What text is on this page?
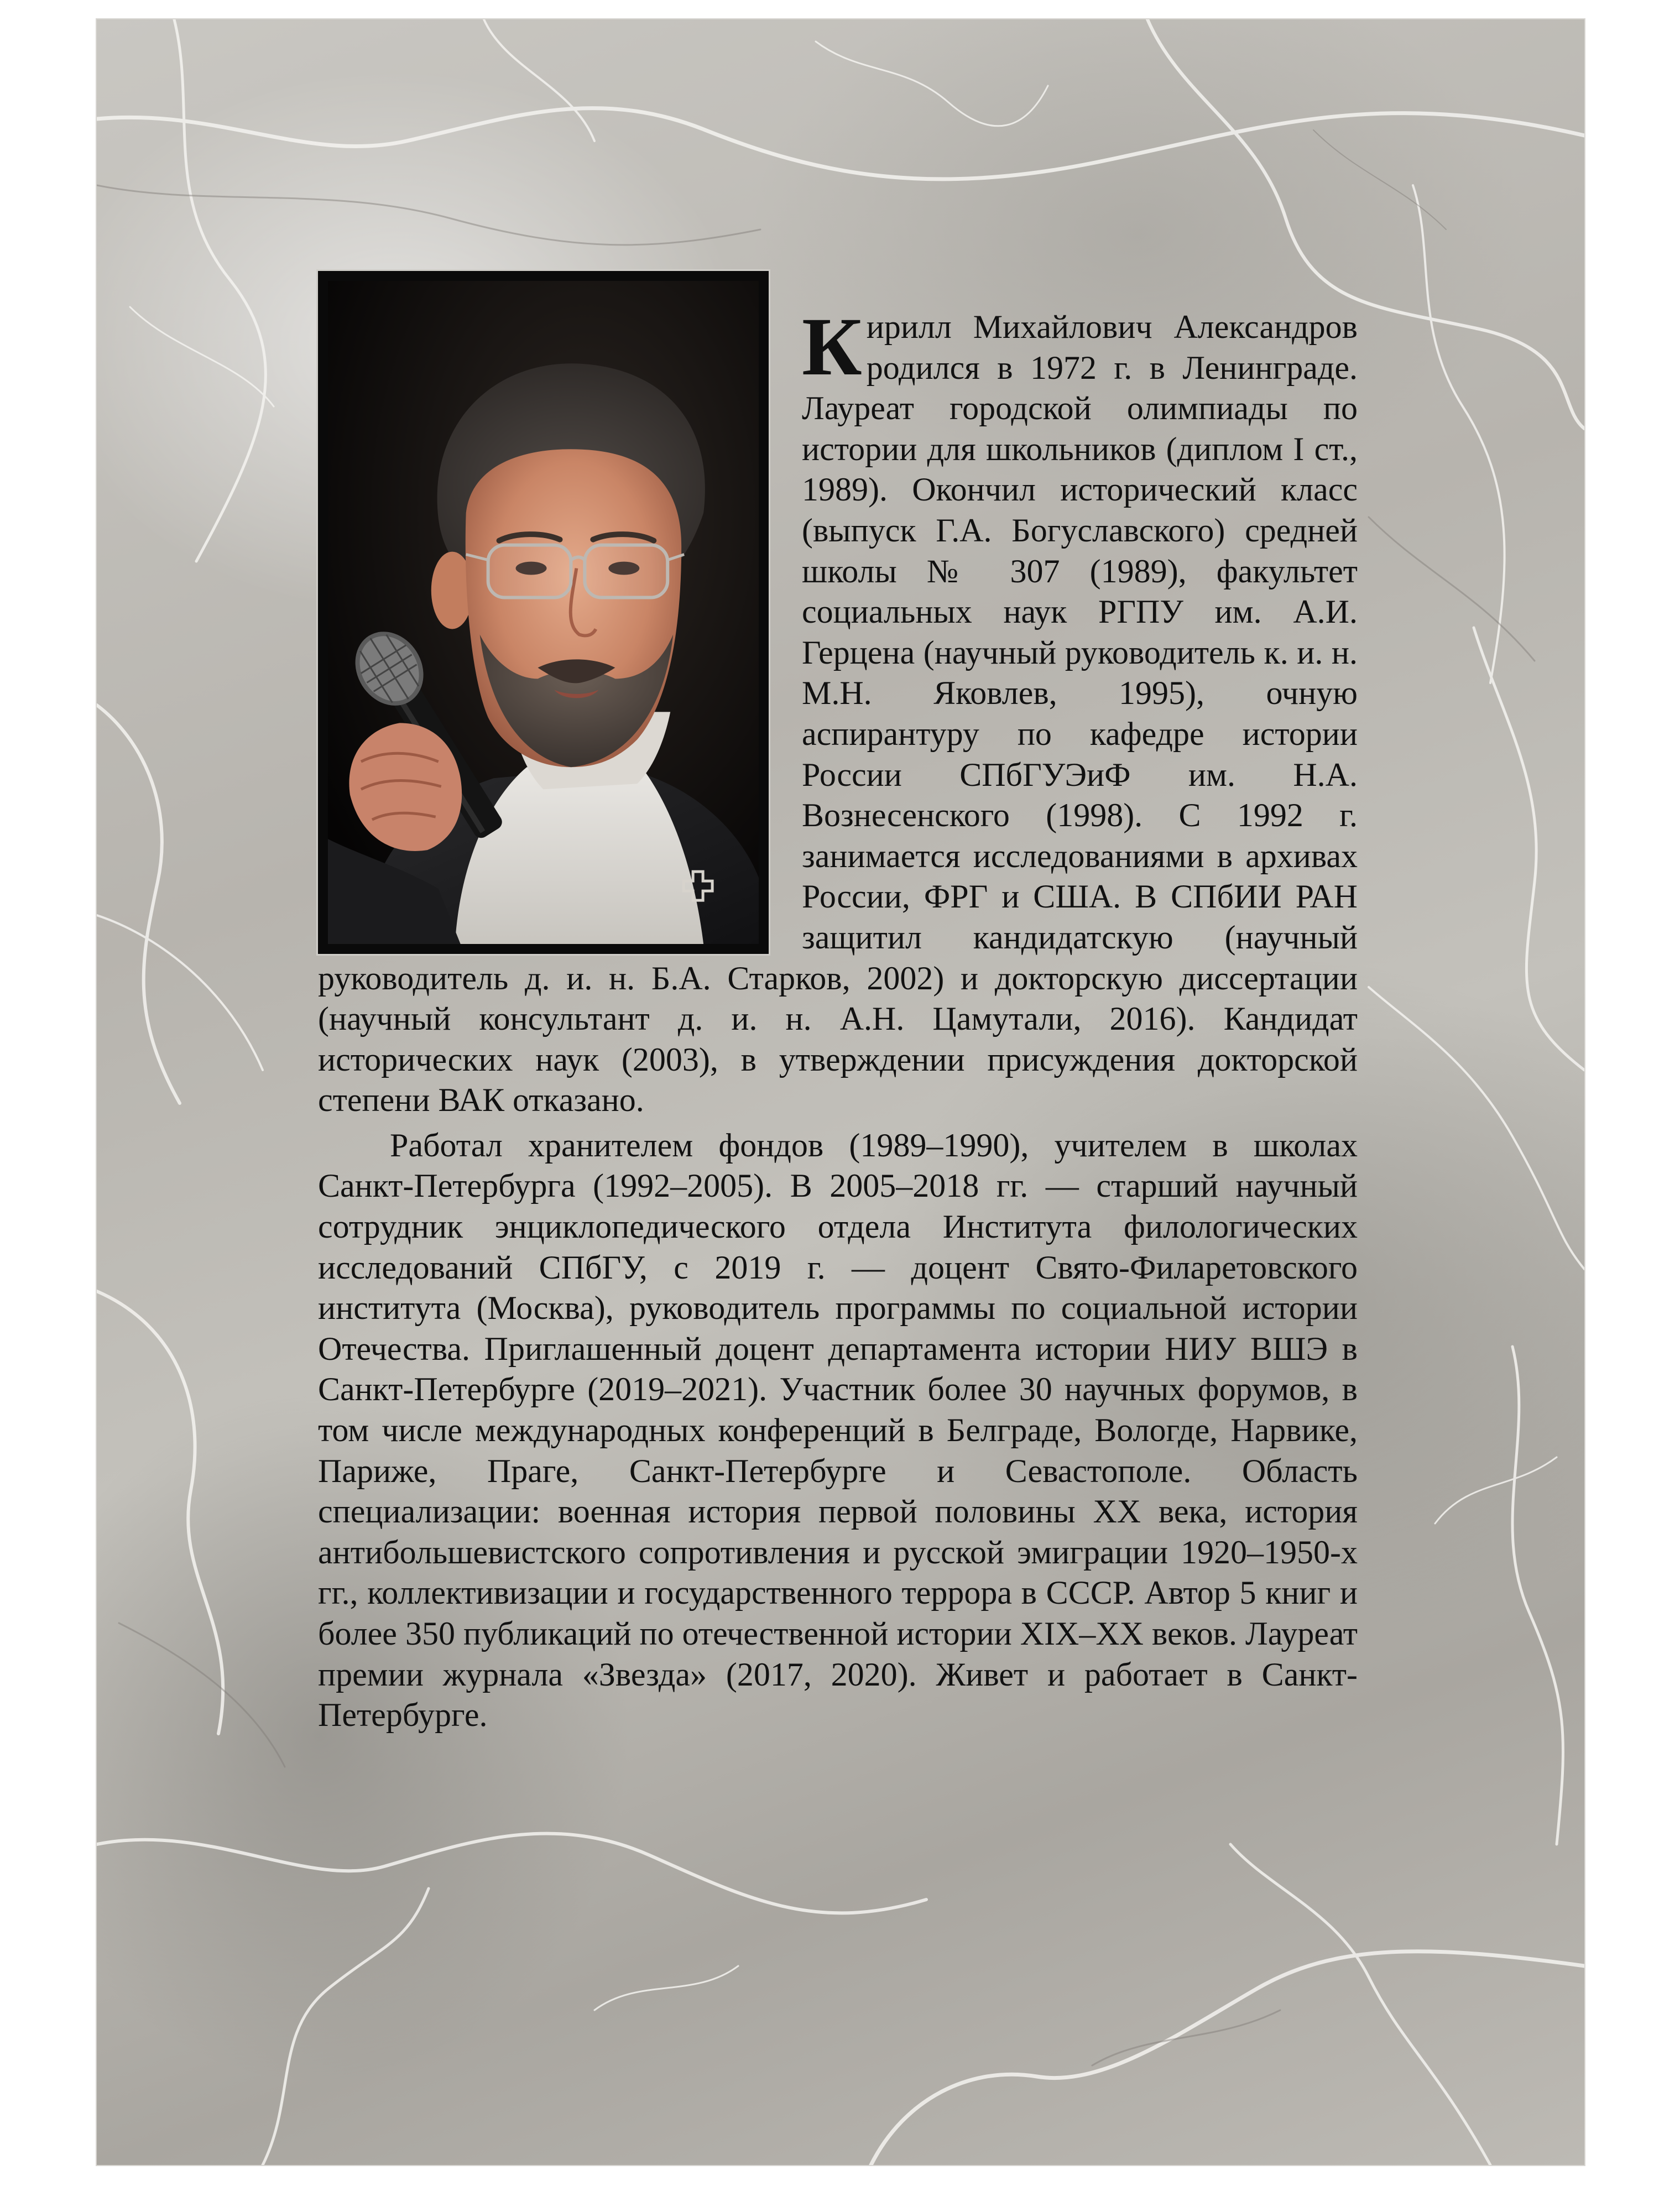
Кирилл Михайлович Александров родился в 1972 г. в Ленинграде. Лауреат городской олимпиады по истории для школьников (диплом I ст., 1989). Окончил исторический класс (выпуск Г.А. Богуславского) средней школы № 307 (1989), факультет социальных наук РГПУ им. А.И. Герцена (научный руководитель к. и. н. М.Н. Яковлев, 1995), очную аспирантуру по кафедре истории России СПбГУЭиФ им. Н.А. Вознесенского (1998). С 1992 г. занимается исследованиями в архивах России, ФРГ и США. В СПбИИ РАН защитил кандидатскую (научный руководитель д. и. н. Б.А. Старков, 2002) и докторскую диссертации (научный консультант д. и. н. А.Н. Цамутали, 2016). Кандидат исторических наук (2003), в утверждении присуждения докторской степени ВАК отказано.

Работал хранителем фондов (1989–1990), учителем в школах Санкт-Петербурга (1992–2005). В 2005–2018 гг. — старший научный сотрудник энциклопедического отдела Института филологических исследований СПбГУ, с 2019 г. — доцент Свято-Филаретовского института (Москва), руководитель программы по социальной истории Отечества. Приглашенный доцент департамента истории НИУ ВШЭ в Санкт-Петербурге (2019–2021). Участник более 30 научных форумов, в том числе международных конференций в Белграде, Вологде, Нарвике, Париже, Праге, Санкт-Петербурге и Севастополе. Область специализации: военная история первой половины XX века, история антибольшевистского сопротивления и русской эмиграции 1920–1950-х гг., коллективизации и государственного террора в СССР. Автор 5 книг и более 350 публикаций по отечественной истории XIX–XX веков. Лауреат премии журнала «Звезда» (2017, 2020). Живет и работает в Санкт-Петербурге.
